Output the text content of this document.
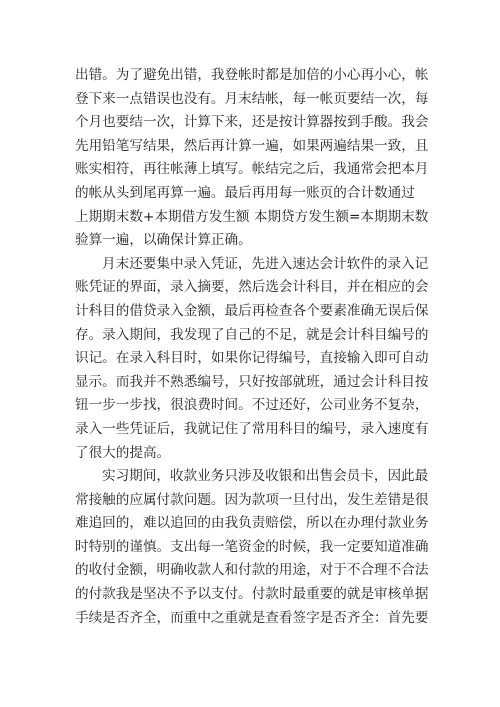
出错。为了避免出错，我登帐时都是加倍的小心再小心，帐
登下来一点错误也没有。月末结帐，每一帐页要结一次，每
个月也要结一次，计算下来，还是按计算器按到手酸。我会
先用铅笔写结果，然后再计算一遍，如果两遍结果一致，且
账实相符，再往帐薄上填写。帐结完之后，我通常会把本月
的帐从头到尾再算一遍。最后再用每一账页的合计数通过
上期期末数+本期借方发生额 本期贷方发生额=本期期末数
验算一遍，以确保计算正确。
月末还要集中录入凭证，先进入速达会计软件的录入记
账凭证的界面，录入摘要，然后选会计科目，并在相应的会
计科目的借贷录入金额，最后再检查各个要素准确无误后保
存。录入期间，我发现了自己的不足，就是会计科目编号的
识记。在录入科目时，如果你记得编号，直接输入即可自动
显示。而我并不熟悉编号，只好按部就班，通过会计科目按
钮一步一步找，很浪费时间。不过还好，公司业务不复杂，
录入一些凭证后，我就记住了常用科目的编号，录入速度有
了很大的提高。
实习期间，收款业务只涉及收银和出售会员卡，因此最
常接触的应属付款问题。因为款项一旦付出，发生差错是很
难追回的，难以追回的由我负责赔偿，所以在办理付款业务
时特别的谨慎。支出每一笔资金的时候，我一定要知道准确
的收付金额，明确收款人和付款的用途，对于不合理不合法
的付款我是坚决不予以支付。付款时最重要的就是审核单据
手续是否齐全，而重中之重就是查看签字是否齐全：首先要
